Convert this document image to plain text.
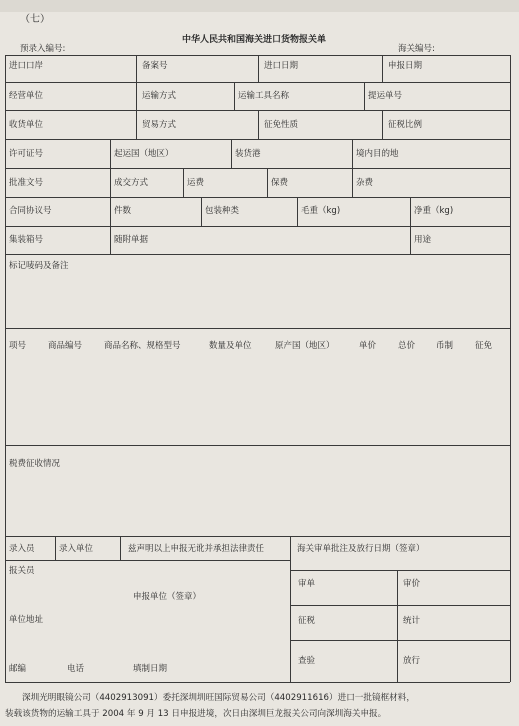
（七）
中华人民共和国海关进口货物报关单
预录入编号:	海关编号:
进口口岸	备案号	进口日期	申报日期
经营单位	运输方式	运输工具名称	提运单号
收货单位	贸易方式	征免性质	征税比例
许可证号	起运国（地区）	装货港	境内目的地
批准文号	成交方式	运费	保费	杂费
合同协议号	件数	包装种类	毛重（kg)	净重（kg)
集装箱号	随附单据	用途
标记唛码及备注
项号	商品编号	商品名称、规格型号	数量及单位	原产国（地区）	单价	总价 币制	征免
税费征收情况
录入员	录入单位	兹声明以上申报无讹并承担法律责任	海关审单批注及放行日期（签章）
报关员
审单	审价
申报单位（签章）
单位地址	征税	统计
查验	放行
邮编	电话	填制日期
深圳光明眼镜公司（4402913091）委托深圳圳旺国际贸易公司（4402911616）进口一批镜框材料，
装载该货物的运输工具于 2004 年 9 月 13 日申报进境，次日由深圳巨龙报关公司向深圳海关申报。
